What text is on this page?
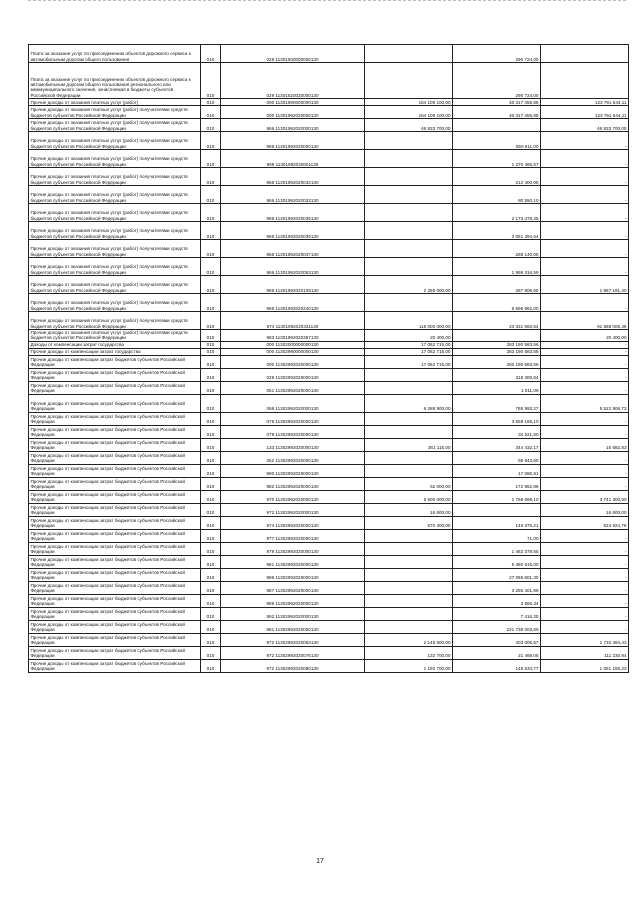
Плата за оказание услуг по присоединению объектов дорожного сервиса к автомобильным дорогам общего пользования	010	029 11301500000000130		290 724,00	
Плата за оказание услуг по присоединению объектов дорожного сервиса к автомобильным дорогам общего пользования регионального или межмуниципального значения, зачисляемая в бюджеты субъектов Российской Федерации	010	029 11301520020000130		290 724,00	
Прочие доходы от оказания платных услуг (работ)	010	000 11301990000000130	164 109 100,00	40 317 455,89	123 791 644,11
Прочие доходы от оказания платных услуг (работ) получателями средств бюджетов субъектов Российской Федерации	010	000 11301992020000130	164 109 100,00	40 317 455,89	123 791 644,11
Прочие доходы от оказания платных услуг (работ) получателями средств бюджетов субъектов Российской Федерации	010	966 11301992020000130	46 833 700,00		46 833 700,00
Прочие доходы от оказания платных услуг (работ) получателями средств бюджетов субъектов Российской Федерации	010	966 11301992020000130		550 911,00	-
Прочие доходы от оказания платных услуг (работ) получателями средств бюджетов субъектов Российской Федерации	010	966 11301992020001130		1 270 465,57	-
Прочие доходы от оказания платных услуг (работ) получателями средств бюджетов субъектов Российской Федерации	010	966 11301992020032130		212 400,00	-
Прочие доходы от оказания платных услуг (работ) получателями средств бюджетов субъектов Российской Федерации	010	966 11301992020033130		80 550,10	-
Прочие доходы от оказания платных услуг (работ) получателями средств бюджетов субъектов Российской Федерации	010	966 11301992020035130		2 173 478,35	-
Прочие доходы от оказания платных услуг (работ) получателями средств бюджетов субъектов Российской Федерации	010	966 11301992020039130		3 051 394,54	-
Прочие доходы от оказания платных услуг (работ) получателями средств бюджетов субъектов Российской Федерации	010	966 11301992020047130		288 140,00	-
Прочие доходы от оказания платных услуг (работ) получателями средств бюджетов субъектов Российской Федерации	010	966 11301992020053130		1 995 316,59	-
Прочие доходы от оказания платных услуг (работ) получателями средств бюджетов субъектов Российской Федерации	010	966 11301992020105130	2 255 000,00	287 808,60	1 967 191,40
Прочие доходы от оказания платных услуг (работ) получателями средств бюджетов субъектов Российской Федерации	010	966 11301992020240130		6 696 962,00	-
Прочие доходы от оказания платных услуг (работ) получателями средств бюджетов субъектов Российской Федерации	010	974 11301992020331130	115 000 000,00	23 331 983,54	91 668 006,46
Прочие доходы от оказания платных услуг (работ) получателями средств бюджетов субъектов Российской Федерации	010	983 11301992020357130	20 400,00		20 400,00
Доходы от компенсации затрат государства	010	000 11302000000000130	17 062 715,00	283 190 583,56	-
Прочие доходы от компенсации затрат государства	010	000 11302990000000130	17 062 715,00	283 190 583,56	-
Прочие доходы от компенсации затрат бюджетов субъектов Российской Федерации	010	000 11302992020000130	17 062 715,00	283 190 583,56	-
Прочие доходы от компенсации затрат бюджетов субъектов Российской Федерации	010	029 11302992020000130		318 300,84	-
Прочие доходы от компенсации затрат бюджетов субъектов Российской Федерации	010	051 11302992020000130		1 011,09	-
Прочие доходы от компенсации затрат бюджетов субъектов Российской Федерации	010	068 11302992020000130	6 288 900,00	765 993,27	5 522 906,73
Прочие доходы от компенсации затрат бюджетов субъектов Российской Федерации	010	075 11302992020000130		3 559 168,10	-
Прочие доходы от компенсации затрат бюджетов субъектов Российской Федерации	010	078 11302992020000130		34 521,50	-
Прочие доходы от компенсации затрат бюджетов субъектов Российской Федерации	010	133 11302992020000130	361 115,00	344 432,17	16 682,83
Прочие доходы от компенсации затрат бюджетов субъектов Российской Федерации	010	252 11302992020000130		65 943,65	-
Прочие доходы от компенсации затрат бюджетов субъектов Российской Федерации	010	980 11302992020000130		17 086,91	-
Прочие доходы от компенсации затрат бюджетов субъектов Российской Федерации	010	982 11302992020000130	62 000,00	172 952,89	-
Прочие доходы от компенсации затрат бюджетов субъектов Российской Федерации	010	970 11302992020000130	5 500 000,00	1 758 699,10	3 741 300,90
Прочие доходы от компенсации затрат бюджетов субъектов Российской Федерации	010	972 11302992020000130	16 600,00		16 600,00
Прочие доходы от компенсации затрат бюджетов субъектов Российской Федерации	010	974 11302992020000130	670 300,00	145 375,21	524 924,79
Прочие доходы от компенсации затрат бюджетов субъектов Российской Федерации	010	977 11302992020000130		71,00	-
Прочие доходы от компенсации затрат бюджетов субъектов Российской Федерации	010	979 11302992020000130		1 462 379,55	-
Прочие доходы от компенсации затрат бюджетов субъектов Российской Федерации	010	981 11302992020000130		5 480 615,00	-
Прочие доходы от компенсации затрат бюджетов субъектов Российской Федерации	010	986 11302992020000130		27 065 801,30	-
Прочие доходы от компенсации затрат бюджетов субъектов Российской Федерации	010	987 11302992020000130		3 255 401,88	-
Прочие доходы от компенсации затрат бюджетов субъектов Российской Федерации	010	989 11302992020000130		3 866,34	-
Прочие доходы от компенсации затрат бюджетов субъектов Российской Федерации	010	992 11302992020000130		7 416,20	-
Прочие доходы от компенсации затрат бюджетов субъектов Российской Федерации	010	981 11302992020050130		221 738 003,65	-
Прочие доходы от компенсации затрат бюджетов субъектов Российской Федерации	010	972 11302992020063130	2 145 500,00	403 005,57	1 732 494,43
Прочие доходы от компенсации затрат бюджетов субъектов Российской Федерации	010	972 11302992020076130	132 700,00	21 469,06	111 230,94
Прочие доходы от компенсации затрат бюджетов субъектов Российской Федерации	010	972 11302992020080130	1 192 700,00	148 534,77	1 051 165,23
17
